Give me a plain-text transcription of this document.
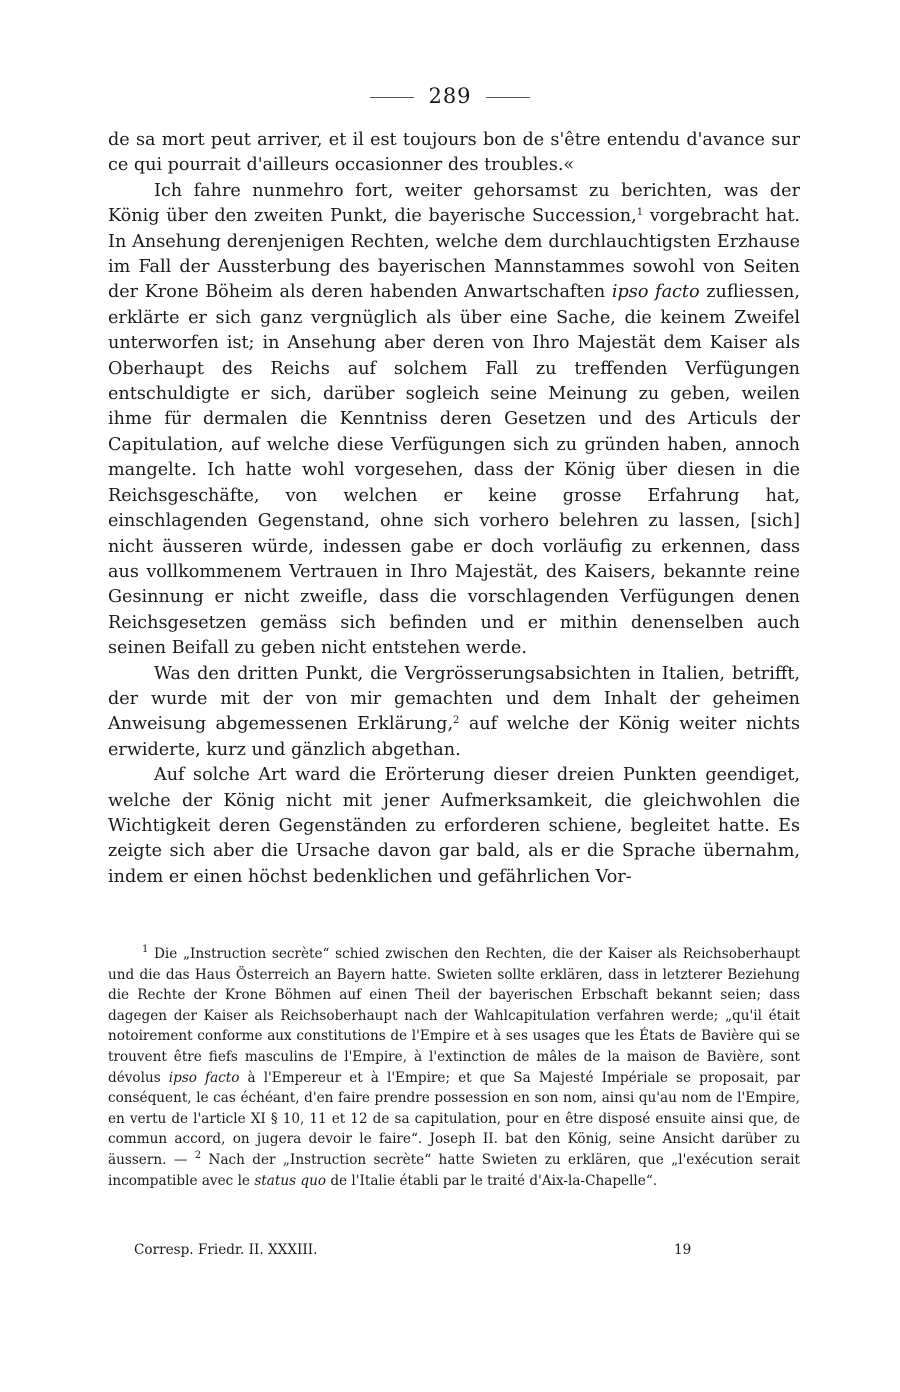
289

de sa mort peut arriver, et il est toujours bon de s'être entendu d'avance sur ce qui pourrait d'ailleurs occasionner des troubles.«

Ich fahre nunmehro fort, weiter gehorsamst zu berichten, was der König über den zweiten Punkt, die bayerische Succession,$^1$ vorgebracht hat. In Ansehung derenjenigen Rechten, welche dem durchlauchtigsten Erzhause im Fall der Aussterbung des bayerischen Mannstammes sowohl von Seiten der Krone Böheim als deren habenden Anwartschaften ipso facto zufliessen, erklärte er sich ganz vergnüglich als über eine Sache, die keinem Zweifel unterworfen ist; in Ansehung aber deren von Ihro Majestät dem Kaiser als Oberhaupt des Reichs auf solchem Fall zu treffenden Verfügungen entschuldigte er sich, darüber sogleich seine Meinung zu geben, weilen ihme für dermalen die Kenntniss deren Gesetzen und des Articuls der Capitulation, auf welche diese Verfügungen sich zu gründen haben, annoch mangelte. Ich hatte wohl vorgesehen, dass der König über diesen in die Reichsgeschäfte, von welchen er keine grosse Erfahrung hat, einschlagenden Gegenstand, ohne sich vorhero belehren zu lassen, [sich] nicht äusseren würde, indessen gabe er doch vorläufig zu erkennen, dass aus vollkommenem Vertrauen in Ihro Majestät, des Kaisers, bekannte reine Gesinnung er nicht zweifle, dass die vorschlagenden Verfügungen denen Reichsgesetzen gemäss sich befinden und er mithin denenselben auch seinen Beifall zu geben nicht entstehen werde.

Was den dritten Punkt, die Vergrösserungsabsichten in Italien, betrifft, der wurde mit der von mir gemachten und dem Inhalt der geheimen Anweisung abgemessenen Erklärung,$^2$ auf welche der König weiter nichts erwiderte, kurz und gänzlich abgethan.

Auf solche Art ward die Erörterung dieser dreien Punkten geendiget, welche der König nicht mit jener Aufmerksamkeit, die gleichwohlen die Wichtigkeit deren Gegenständen zu erforderen schiene, begleitet hatte. Es zeigte sich aber die Ursache davon gar bald, als er die Sprache übernahm, indem er einen höchst bedenklichen und gefährlichen Vor-

$^1$ Die „Instruction secrète“ schied zwischen den Rechten, die der Kaiser als Reichsoberhaupt und die das Haus Österreich an Bayern hatte. Swieten sollte erklären, dass in letzterer Beziehung die Rechte der Krone Böhmen auf einen Theil der bayerischen Erbschaft bekannt seien; dass dagegen der Kaiser als Reichsoberhaupt nach der Wahlcapitulation verfahren werde; „qu'il était notoirement conforme aux constitutions de l'Empire et à ses usages que les États de Bavière qui se trouvent être fiefs masculins de l'Empire, à l'extinction de mâles de la maison de Bavière, sont dévolus ipso facto à l'Empereur et à l'Empire; et que Sa Majesté Impériale se proposait, par conséquent, le cas échéant, d'en faire prendre possession en son nom, ainsi qu'au nom de l'Empire, en vertu de l'article XI § 10, 11 et 12 de sa capitulation, pour en être disposé ensuite ainsi que, de commun accord, on jugera devoir le faire“. Joseph II. bat den König, seine Ansicht darüber zu äussern. — $^2$ Nach der „Instruction secrète“ hatte Swieten zu erklären, que „l'exécution serait incompatible avec le status quo de l'Italie établi par le traité d'Aix-la-Chapelle“.

Corresp. Friedr. II. XXXIII.	19
